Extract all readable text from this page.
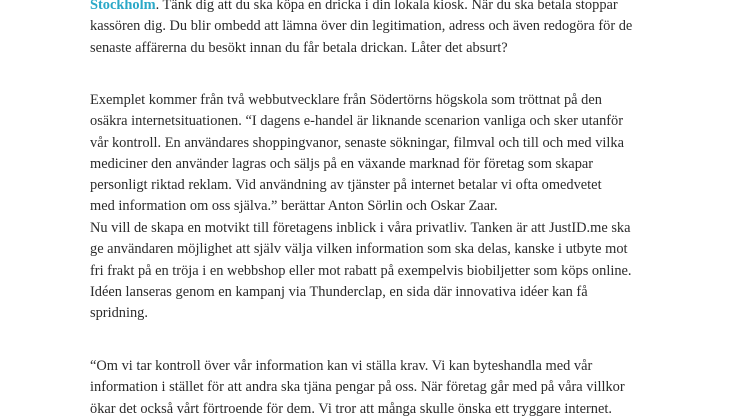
Stockholm. Tänk dig att du ska köpa en dricka i din lokala kiosk. När du ska betala stoppar
kassören dig. Du blir ombedd att lämna över din legitimation, adress och även redogöra för de
senaste affärerna du besökt innan du får betala drickan. Låter det absurt?

Exemplet kommer från två webbutvecklare från Södertörns högskola som tröttnat på den
osäkra internetsituationen. “I dagens e-handel är liknande scenarion vanliga och sker utanför
vår kontroll. En användares shoppingvanor, senaste sökningar, filmval och till och med vilka
mediciner den använder lagras och säljs på en växande marknad för företag som skapar
personligt riktad reklam. Vid användning av tjänster på internet betalar vi ofta omedvetet
med information om oss själva.” berättar Anton Sörlin och Oskar Zaar.

Nu vill de skapa en motvikt till företagens inblick i våra privatliv. Tanken är att JustID.me ska
ge användaren möjlighet att själv välja vilken information som ska delas, kanske i utbyte mot
fri frakt på en tröja i en webbshop eller mot rabatt på exempelvis biobiljetter som köps online.
Idéen lanseras genom en kampanj via Thunderclap, en sida där innovativa idéer kan få
spridning.

“Om vi tar kontroll över vår information kan vi ställa krav. Vi kan byteshandla med vår
information i stället för att andra ska tjäna pengar på oss. När företag går med på våra villkor
ökar det också vårt förtroende för dem. Vi tror att många skulle önska ett tryggare internet.
